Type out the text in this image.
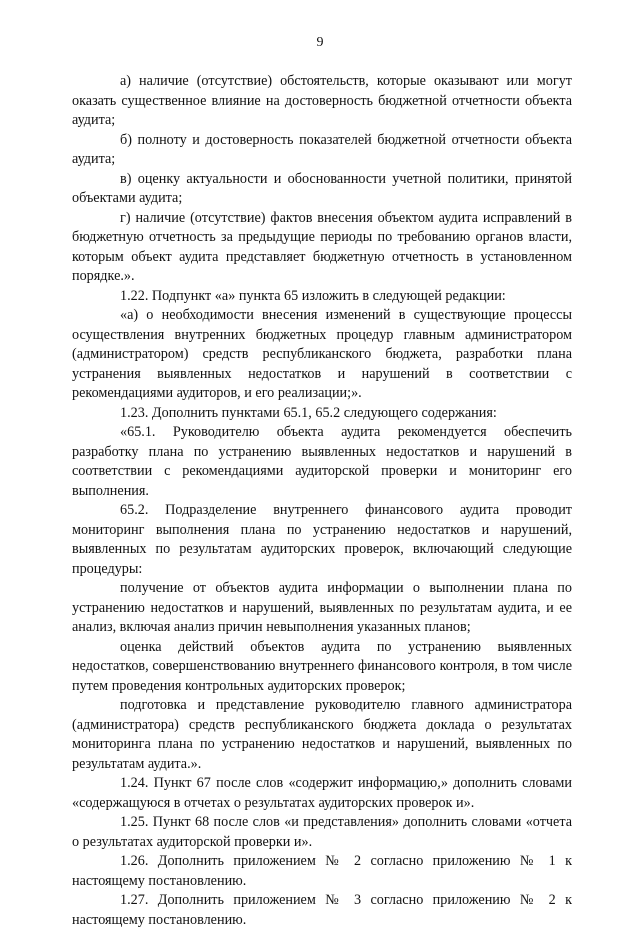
9

а) наличие (отсутствие) обстоятельств, которые оказывают или могут оказать существенное влияние на достоверность бюджетной отчетности объекта аудита;

б) полноту и достоверность показателей бюджетной отчетности объекта аудита;

в) оценку актуальности и обоснованности учетной политики, принятой объектами аудита;

г) наличие (отсутствие) фактов внесения объектом аудита исправлений в бюджетную отчетность за предыдущие периоды по требованию органов власти, которым объект аудита представляет бюджетную отчетность в установленном порядке.».

1.22. Подпункт «а» пункта 65 изложить в следующей редакции:

«а) о необходимости внесения изменений в существующие процессы осуществления внутренних бюджетных процедур главным администратором (администратором) средств республиканского бюджета, разработки плана устранения выявленных недостатков и нарушений в соответствии с рекомендациями аудиторов, и его реализации;».

1.23. Дополнить пунктами 65.1, 65.2 следующего содержания:

«65.1. Руководителю объекта аудита рекомендуется обеспечить разработку плана по устранению выявленных недостатков и нарушений в соответствии с рекомендациями аудиторской проверки и мониторинг его выполнения.

65.2. Подразделение внутреннего финансового аудита проводит мониторинг выполнения плана по устранению недостатков и нарушений, выявленных по результатам аудиторских проверок, включающий следующие процедуры:

получение от объектов аудита информации о выполнении плана по устранению недостатков и нарушений, выявленных по результатам аудита, и ее анализ, включая анализ причин невыполнения указанных планов;

оценка действий объектов аудита по устранению выявленных недостатков, совершенствованию внутреннего финансового контроля, в том числе путем проведения контрольных аудиторских проверок;

подготовка и представление руководителю главного администратора (администратора) средств республиканского бюджета доклада о результатах мониторинга плана по устранению недостатков и нарушений, выявленных по результатам аудита.».

1.24. Пункт 67 после слов «содержит информацию,» дополнить словами «содержащуюся в отчетах о результатах аудиторских проверок и».

1.25. Пункт 68 после слов «и представления» дополнить словами «отчета о результатах аудиторской проверки и».

1.26. Дополнить приложением № 2 согласно приложению № 1 к настоящему постановлению.

1.27. Дополнить приложением № 3 согласно приложению № 2 к настоящему постановлению.
